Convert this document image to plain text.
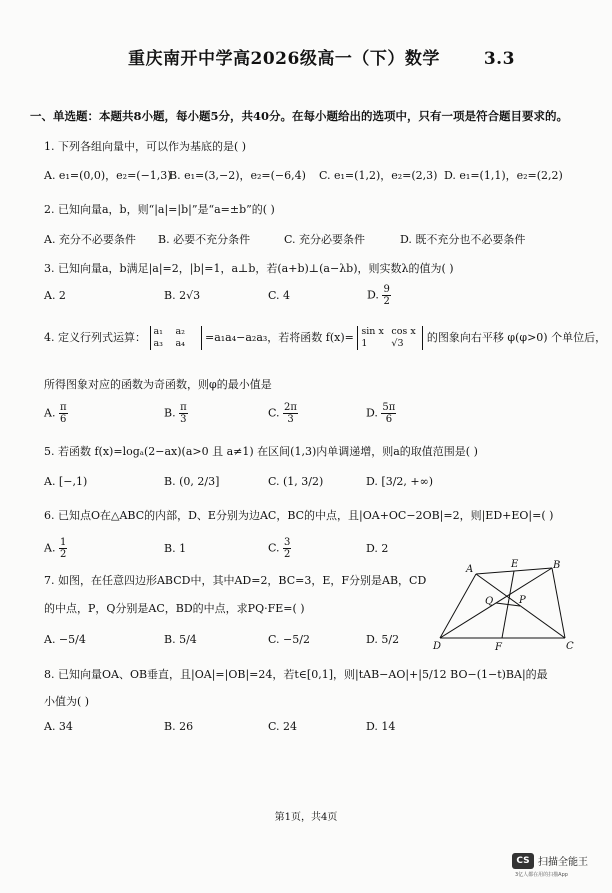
重庆南开中学高2026级高一（下）数学	3.3
一、单选题：本题共8小题，每小题5分，共40分。在每小题给出的选项中，只有一项是符合题目要求的。
1. 下列各组向量中，可以作为基底的是( )
A. e₁=(0,0)，e₂=(−1,3)
B. e₁=(3,−2)，e₂=(−6,4) C. e₁=(1,2)，e₂=(2,3) D. e₁=(1,1)，e₂=(2,2)
2. 已知向量a，b，则“|a|=|b|”是“a=±b”的( )
A. 充分不必要条件 B. 必要不充分条件	C. 充分必要条件	D. 既不充分也不必要条件
3. 已知向量a，b满足|a|=2，|b|=1，a⊥b，若(a+b)⊥(a−λb)，则实数λ的值为( )
A. 2	B. 2√3	C. 4	D. $\frac{9}{2}$
4. 定义行列式运算： a₁ a₂
a₃ a₄ =a₁a₄−a₂a₃，若将函数 f(x)= sin x cos x
1	√3 的图象向右平移 φ(φ>0) 个单位后，
所得图象对应的函数为奇函数，则φ的最小值是
A. $\frac{\pi}{6}$	B. $\frac{\pi}{3}$	C. $\frac{2\pi}{3}$	D. $\frac{5\pi}{6}$
5. 若函数 f(x)=logₐ(2−ax)(a>0 且 a≠1) 在区间(1,3)内单调递增，则a的取值范围是( )
A. [−,1)	B. (0, 2/3]	C. (1, 3/2)	D. [3/2, +∞)
6. 已知点O在△ABC的内部，D、E分别为边AC，BC的中点，且|OA+OC−2OB|=2，则|ED+EO|=( )
A. $\frac{1}{2}$	B. 1	C. $\frac{3}{2}$	D. 2
7. 如图，在任意四边形ABCD中，其中AD=2，BC=3，E，F分别是AB，CD
的中点，P，Q分别是AC，BD的中点，求PQ·FE=( )
A. −5/4	B. 5/4	C. −5/2	D. 5/2
A	E	B
Q	P
D	F	C
8. 已知向量OA、OB垂直，且|OA|=|OB|=24，若t∈[0,1]，则|tAB−AO|+|5/12 BO−(1−t)BA|的最
小值为( )
A. 34	B. 26	C. 24	D. 14
第1页，共4页
CS 扫描全能王
3亿人都在用的扫描App
